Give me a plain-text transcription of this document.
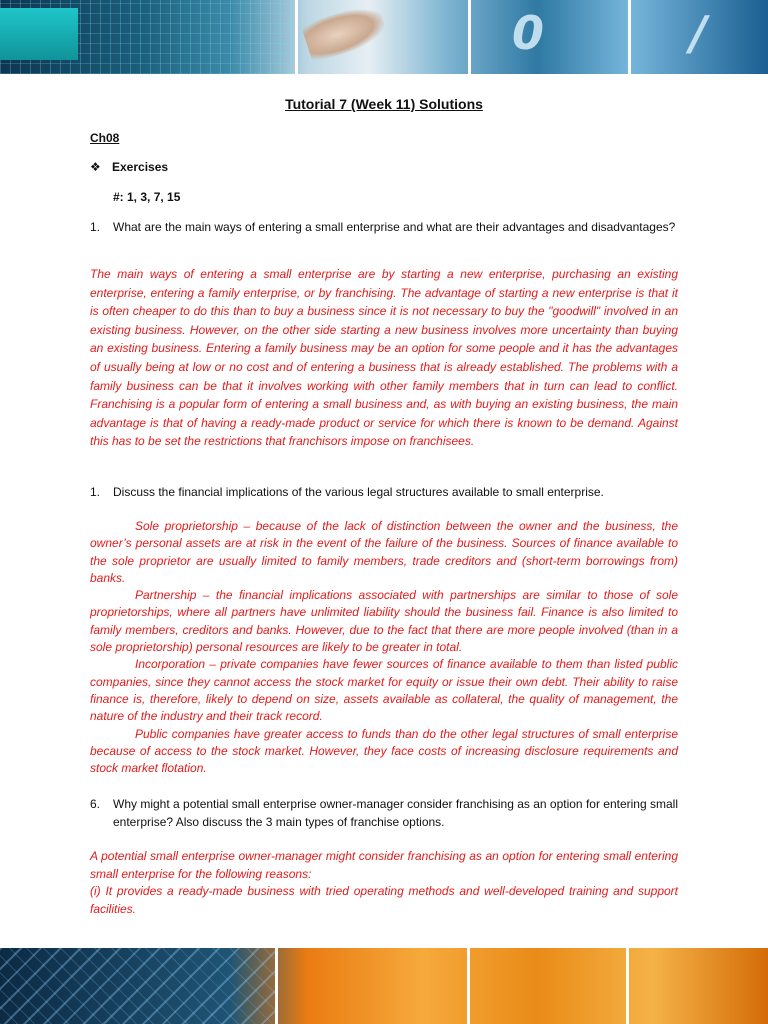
0	/
Tutorial 7 (Week 11) Solutions
Ch08
❖ Exercises
#: 1, 3, 7, 15
1. What are the main ways of entering a small enterprise and what are their advantages and disadvantages?
The main ways of entering a small enterprise are by starting a new enterprise, purchasing an existing enterprise, entering a family enterprise, or by franchising. The advantage of starting a new enterprise is that it is often cheaper to do this than to buy a business since it is not necessary to buy the "goodwill" involved in an existing business. However, on the other side starting a new business involves more uncertainty than buying an existing business. Entering a family business may be an option for some people and it has the advantages of usually being at low or no cost and of entering a business that is already established. The problems with a family business can be that it involves working with other family members that in turn can lead to conflict. Franchising is a popular form of entering a small business and, as with buying an existing business, the main advantage is that of having a ready-made product or service for which there is known to be demand. Against this has to be set the restrictions that franchisors impose on franchisees.
1. Discuss the financial implications of the various legal structures available to small enterprise.

Sole proprietorship – because of the lack of distinction between the owner and the business, the owner’s personal assets are at risk in the event of the failure of the business. Sources of finance available to the sole proprietor are usually limited to family members, trade creditors and (short-term borrowings from) banks.

Partnership – the financial implications associated with partnerships are similar to those of sole proprietorships, where all partners have unlimited liability should the business fail. Finance is also limited to family members, creditors and banks. However, due to the fact that there are more people involved (than in a sole proprietorship) personal resources are likely to be greater in total.

Incorporation – private companies have fewer sources of finance available to them than listed public companies, since they cannot access the stock market for equity or issue their own debt. Their ability to raise finance is, therefore, likely to depend on size, assets available as collateral, the quality of management, the nature of the industry and their track record.

Public companies have greater access to funds than do the other legal structures of small enterprise because of access to the stock market. However, they face costs of increasing disclosure requirements and stock market flotation.

6. Why might a potential small enterprise owner-manager consider franchising as an option for entering small enterprise? Also discuss the 3 main types of franchise options.

A potential small enterprise owner-manager might consider franchising as an option for entering small entering small enterprise for the following reasons:

(i) It provides a ready-made business with tried operating methods and well-developed training and support facilities.
